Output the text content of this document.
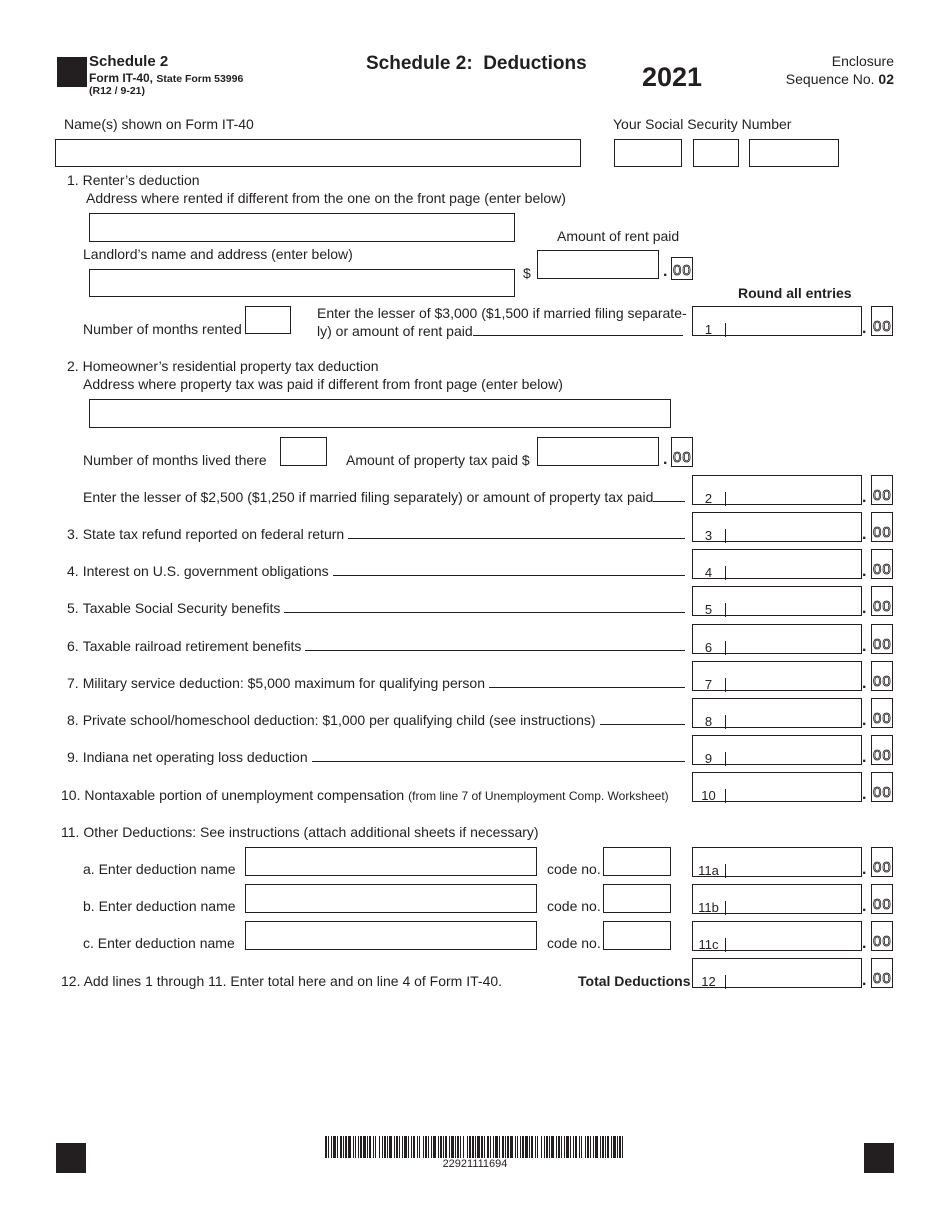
Schedule 2
Form IT-40, State Form 53996
(R12 / 9-21)
Schedule 2:  Deductions 2021
Enclosure
Sequence No. 02
Name(s) shown on Form IT-40	Your Social Security Number
1. Renter’s deduction
Address where rented if different from the one on the front page (enter below)
Amount of rent paid
Landlord’s name and address (enter below)
$	. 00
Round all entries
Number of months rented
Enter the lesser of $3,000 ($1,500 if married filing separate-
ly) or amount of rent paid	1	. 00
2. Homeowner’s residential property tax deduction
Address where property tax was paid if different from front page (enter below)
Number of months lived there	Amount of property tax paid $	. 00
Enter the lesser of $2,500 ($1,250 if married filing separately) or amount of property tax paid	2	. 00
3. State tax refund reported on federal return	3	. 00
4. Interest on U.S. government obligations	4	. 00
5. Taxable Social Security benefits	5	. 00
6. Taxable railroad retirement benefits	6	. 00
7. Military service deduction: $5,000 maximum for qualifying person	7	. 00
8. Private school/homeschool deduction: $1,000 per qualifying child (see instructions)	8	. 00
9. Indiana net operating loss deduction	9	. 00
10. Nontaxable portion of unemployment compensation (from line 7 of Unemployment Comp. Worksheet)	10	. 00
11. Other Deductions: See instructions (attach additional sheets if necessary)
a. Enter deduction name	code no.	11a	. 00
b. Enter deduction name	code no.	11b	. 00
c. Enter deduction name	code no.	11c	. 00
12. Add lines 1 through 11. Enter total here and on line 4 of Form IT-40.	Total Deductions 12	. 00
22921111694
